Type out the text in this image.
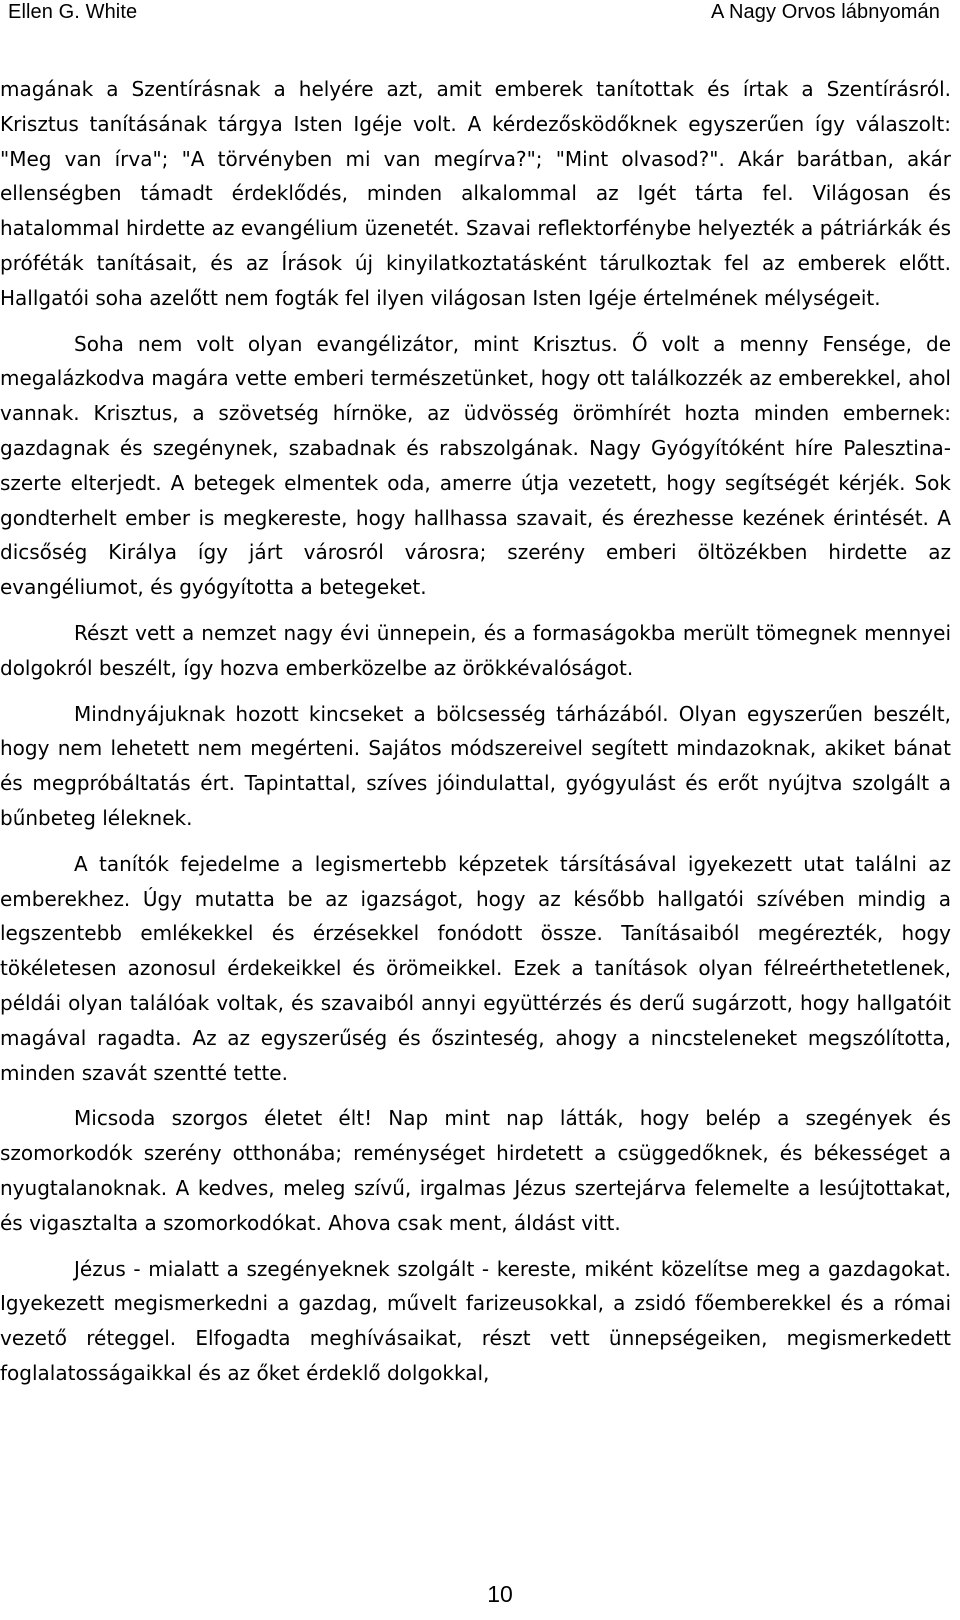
Ellen G. White	A Nagy Orvos lábnyomán

magának a Szentírásnak a helyére azt, amit emberek tanítottak és írtak a Szentírásról. Krisztus tanításának tárgya Isten Igéje volt. A kérdezősködőknek egyszerűen így válaszolt: "Meg van írva"; "A törvényben mi van megírva?"; "Mint olvasod?". Akár barátban, akár ellenségben támadt érdeklődés, minden alkalommal az Igét tárta fel. Világosan és hatalommal hirdette az evangélium üzenetét. Szavai reflektorfénybe helyezték a pátriárkák és próféták tanításait, és az Írások új kinyilatkoztatásként tárulkoztak fel az emberek előtt. Hallgatói soha azelőtt nem fogták fel ilyen világosan Isten Igéje értelmének mélységeit.

Soha nem volt olyan evangélizátor, mint Krisztus. Ő volt a menny Fensége, de megalázkodva magára vette emberi természetünket, hogy ott találkozzék az emberekkel, ahol vannak. Krisztus, a szövetség hírnöke, az üdvösség örömhírét hozta minden embernek: gazdagnak és szegénynek, szabadnak és rabszolgának. Nagy Gyógyítóként híre Palesztina- szerte elterjedt. A betegek elmentek oda, amerre útja vezetett, hogy segítségét kérjék. Sok gondterhelt ember is megkereste, hogy hallhassa szavait, és érezhesse kezének érintését. A dicsőség Királya így járt városról városra; szerény emberi öltözékben hirdette az evangéliumot, és gyógyította a betegeket.

Részt vett a nemzet nagy évi ünnepein, és a formaságokba merült tömegnek mennyei dolgokról beszélt, így hozva emberközelbe az örökkévalóságot.

Mindnyájuknak hozott kincseket a bölcsesség tárházából. Olyan egyszerűen beszélt, hogy nem lehetett nem megérteni. Sajátos módszereivel segített mindazoknak, akiket bánat és megpróbáltatás ért. Tapintattal, szíves jóindulattal, gyógyulást és erőt nyújtva szolgált a bűnbeteg léleknek.

A tanítók fejedelme a legismertebb képzetek társításával igyekezett utat találni az emberekhez. Úgy mutatta be az igazságot, hogy az később hallgatói szívében mindig a legszentebb emlékekkel és érzésekkel fonódott össze. Tanításaiból megérezték, hogy tökéletesen azonosul érdekeikkel és örömeikkel. Ezek a tanítások olyan félreérthetetlenek, példái olyan találóak voltak, és szavaiból annyi együttérzés és derű sugárzott, hogy hallgatóit magával ragadta. Az az egyszerűség és őszinteség, ahogy a nincsteleneket megszólította, minden szavát szentté tette.

Micsoda szorgos életet élt! Nap mint nap látták, hogy belép a szegények és szomorkodók szerény otthonába; reménységet hirdetett a csüggedőknek, és békességet a nyugtalanoknak. A kedves, meleg szívű, irgalmas Jézus szertejárva felemelte a lesújtottakat, és vigasztalta a szomorkodókat. Ahova csak ment, áldást vitt.

Jézus - mialatt a szegényeknek szolgált - kereste, miként közelítse meg a gazdagokat. Igyekezett megismerkedni a gazdag, művelt farizeusokkal, a zsidó főemberekkel és a római vezető réteggel. Elfogadta meghívásaikat, részt vett ünnepségeiken, megismerkedett foglalatosságaikkal és az őket érdeklő dolgokkal,

10
